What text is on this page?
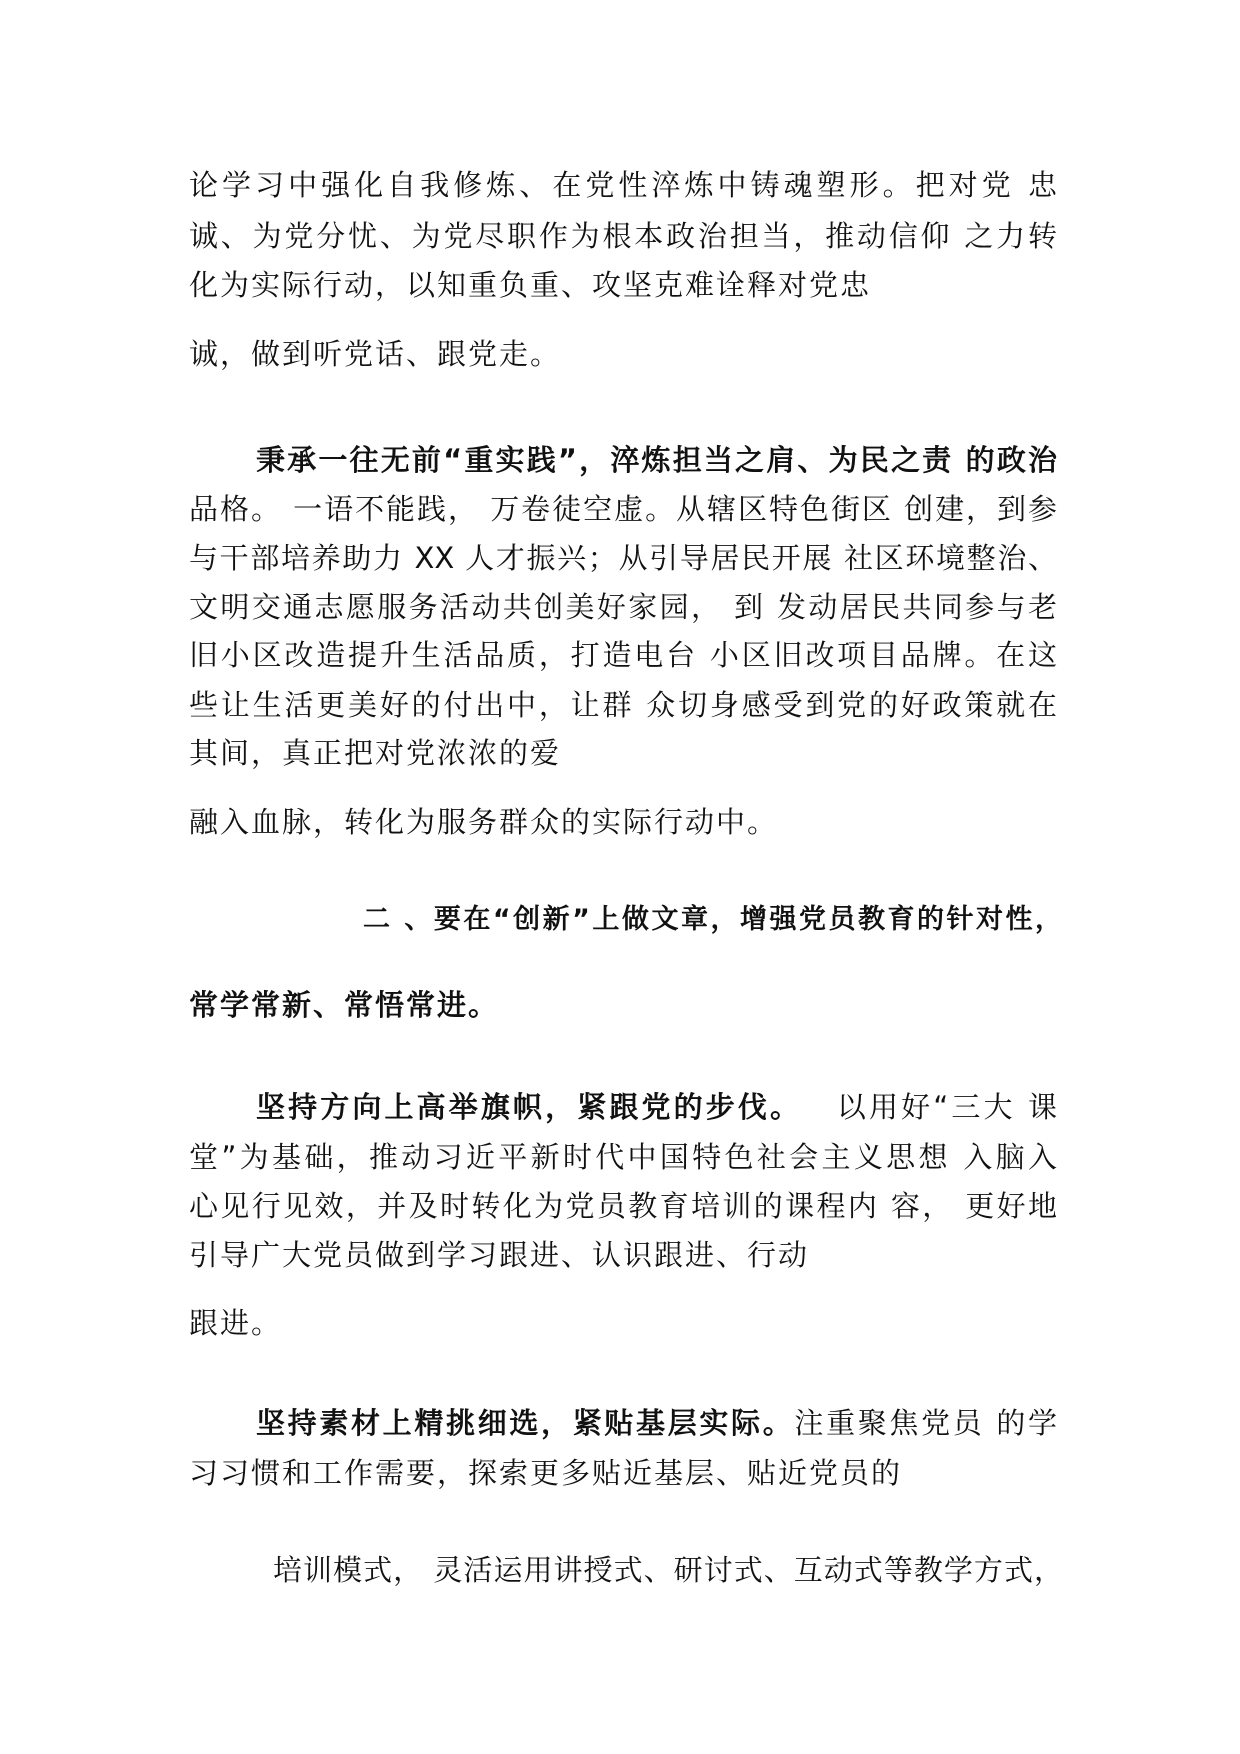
论学习中强化自我修炼、在党性淬炼中铸魂塑形。把对党 忠
诚、为党分忧、为党尽职作为根本政治担当，推动信仰 之力转
化为实际行动，以知重负重、攻坚克难诠释对党忠
诚，做到听党话、跟党走。
秉承一往无前“重实践”，淬炼担当之肩、为民之责 的政治
品格。 一语不能践， 万卷徒空虚。从辖区特色街区 创建，到参
与干部培养助力 XX 人才振兴；从引导居民开展 社区环境整治、
文明交通志愿服务活动共创美好家园， 到 发动居民共同参与老
旧小区改造提升生活品质，打造电台 小区旧改项目品牌。在这
些让生活更美好的付出中，让群 众切身感受到党的好政策就在
其间，真正把对党浓浓的爱
融入血脉，转化为服务群众的实际行动中。
二 、要在“创新”上做文章，增强党员教育的针对性，
常学常新、常悟常进。
坚持方向上高举旗帜，紧跟党的步伐。 以用好“三大 课
堂”为基础，推动习近平新时代中国特色社会主义思想 入脑入
心见行见效，并及时转化为党员教育培训的课程内 容， 更好地
引导广大党员做到学习跟进、认识跟进、行动
跟进。
坚持素材上精挑细选，紧贴基层实际。注重聚焦党员 的学
习习惯和工作需要，探索更多贴近基层、贴近党员的
培训模式， 灵活运用讲授式、研讨式、互动式等教学方式，
